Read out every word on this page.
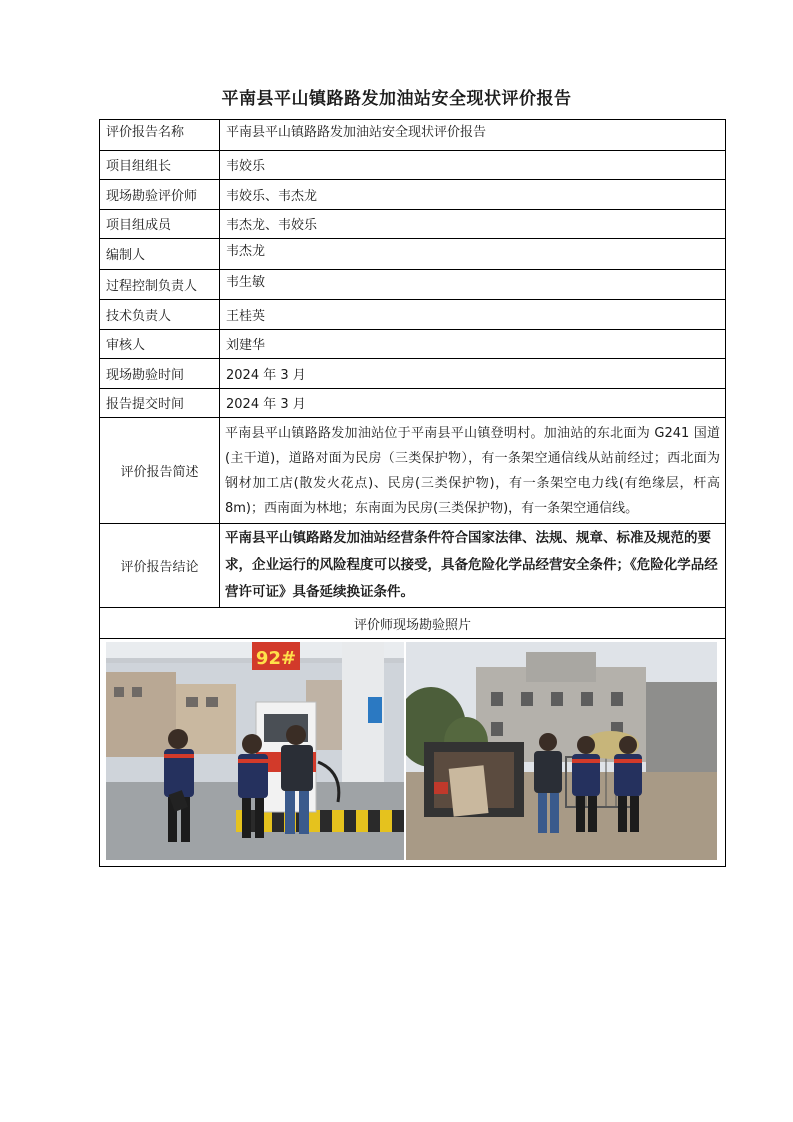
平南县平山镇路路发加油站安全现状评价报告
评价报告名称	平南县平山镇路路发加油站安全现状评价报告
项目组组长	韦姣乐
现场勘验评价师	韦姣乐、韦杰龙
项目组成员	韦杰龙、韦姣乐
编制人	韦杰龙
过程控制负责人	韦生敏
技术负责人	王桂英
审核人	刘建华
现场勘验时间	2024 年 3 月
报告提交时间	2024 年 3 月
评价报告简述	平南县平山镇路路发加油站位于平南县平山镇登明村。加油站的东北面为 G241 国道(主干道)，道路对面为民房（三类保护物），有一条架空通信线从站前经过；西北面为钢材加工店(散发火花点)、民房(三类保护物)，有一条架空电力线(有绝缘层，杆高 8m)；西南面为林地；东南面为民房(三类保护物)，有一条架空通信线。
评价报告结论	平南县平山镇路路发加油站经营条件符合国家法律、法规、规章、标准及规范的要求，企业运行的风险程度可以接受，具备危险化学品经营安全条件；《危险化学品经营许可证》具备延续换证条件。
评价师现场勘验照片	

92#	
